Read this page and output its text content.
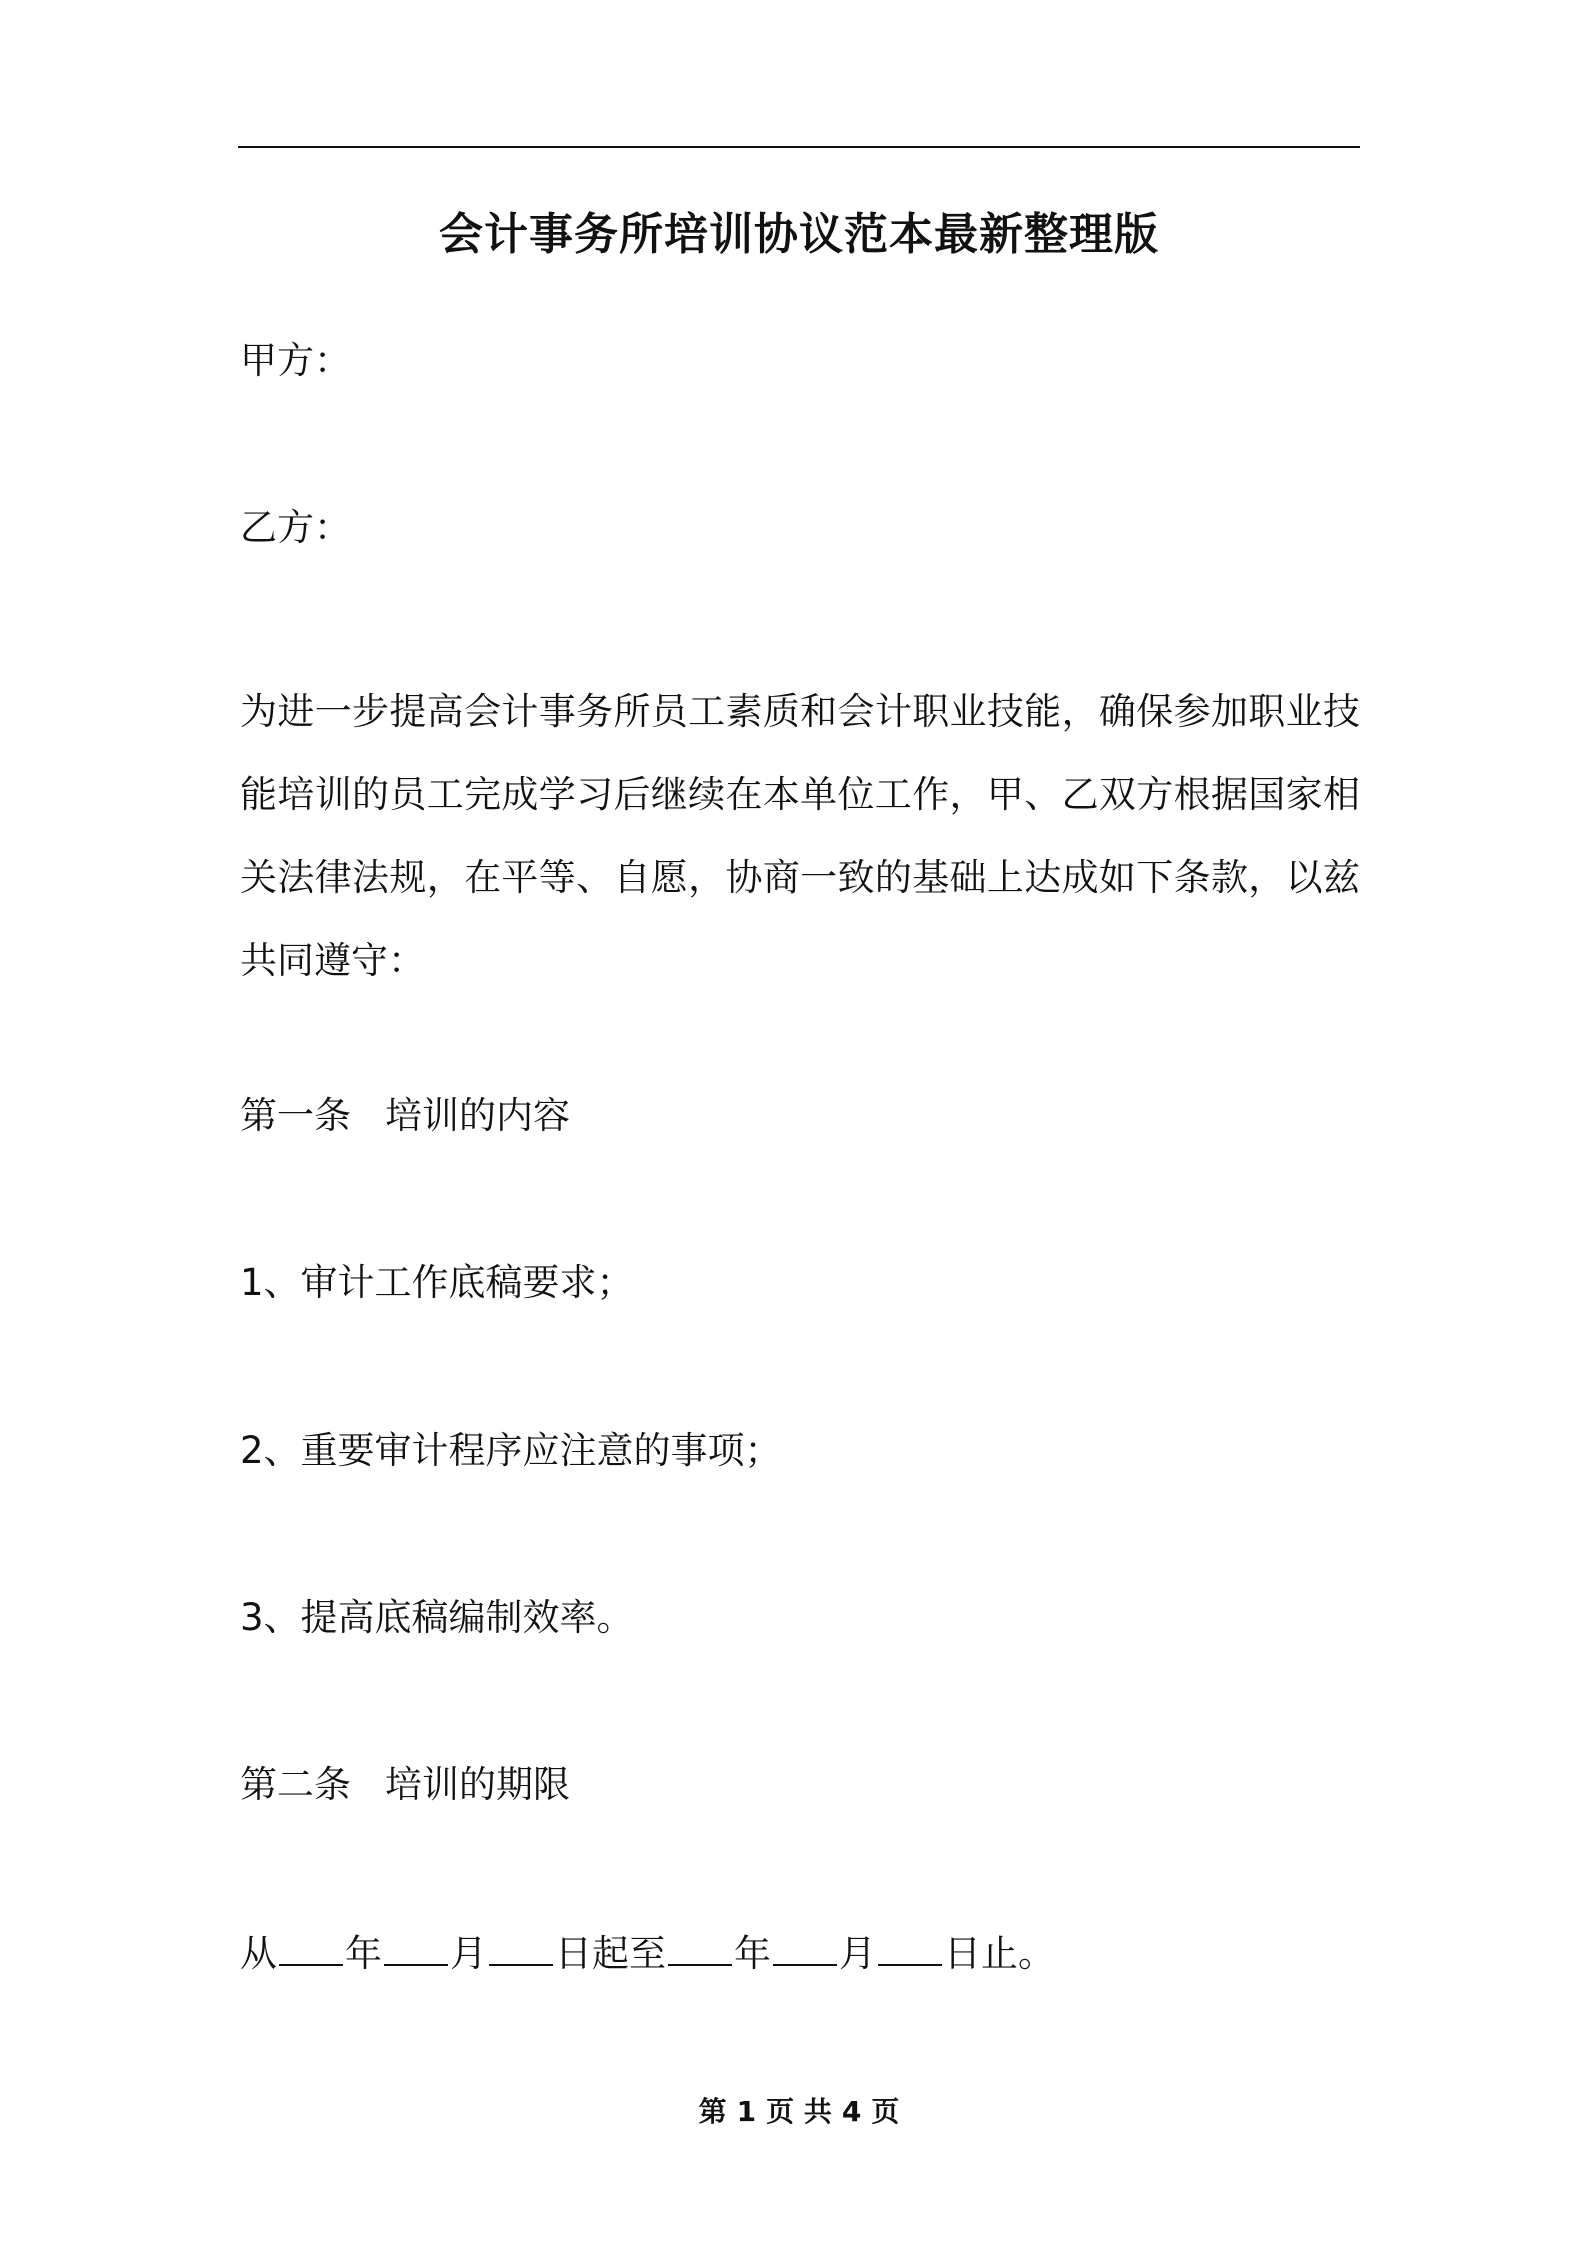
会计事务所培训协议范本最新整理版
甲方：
乙方：
为进一步提高会计事务所员工素质和会计职业技能，确保参加职业技能培训的员工完成学习后继续在本单位工作，甲、乙双方根据国家相关法律法规，在平等、自愿，协商一致的基础上达成如下条款，以兹共同遵守：
第一条 培训的内容
1、审计工作底稿要求；
2、重要审计程序应注意的事项；
3、提高底稿编制效率。
第二条 培训的期限
从 年 月 日起至 年 月 日止。
第 1 页 共 4 页
